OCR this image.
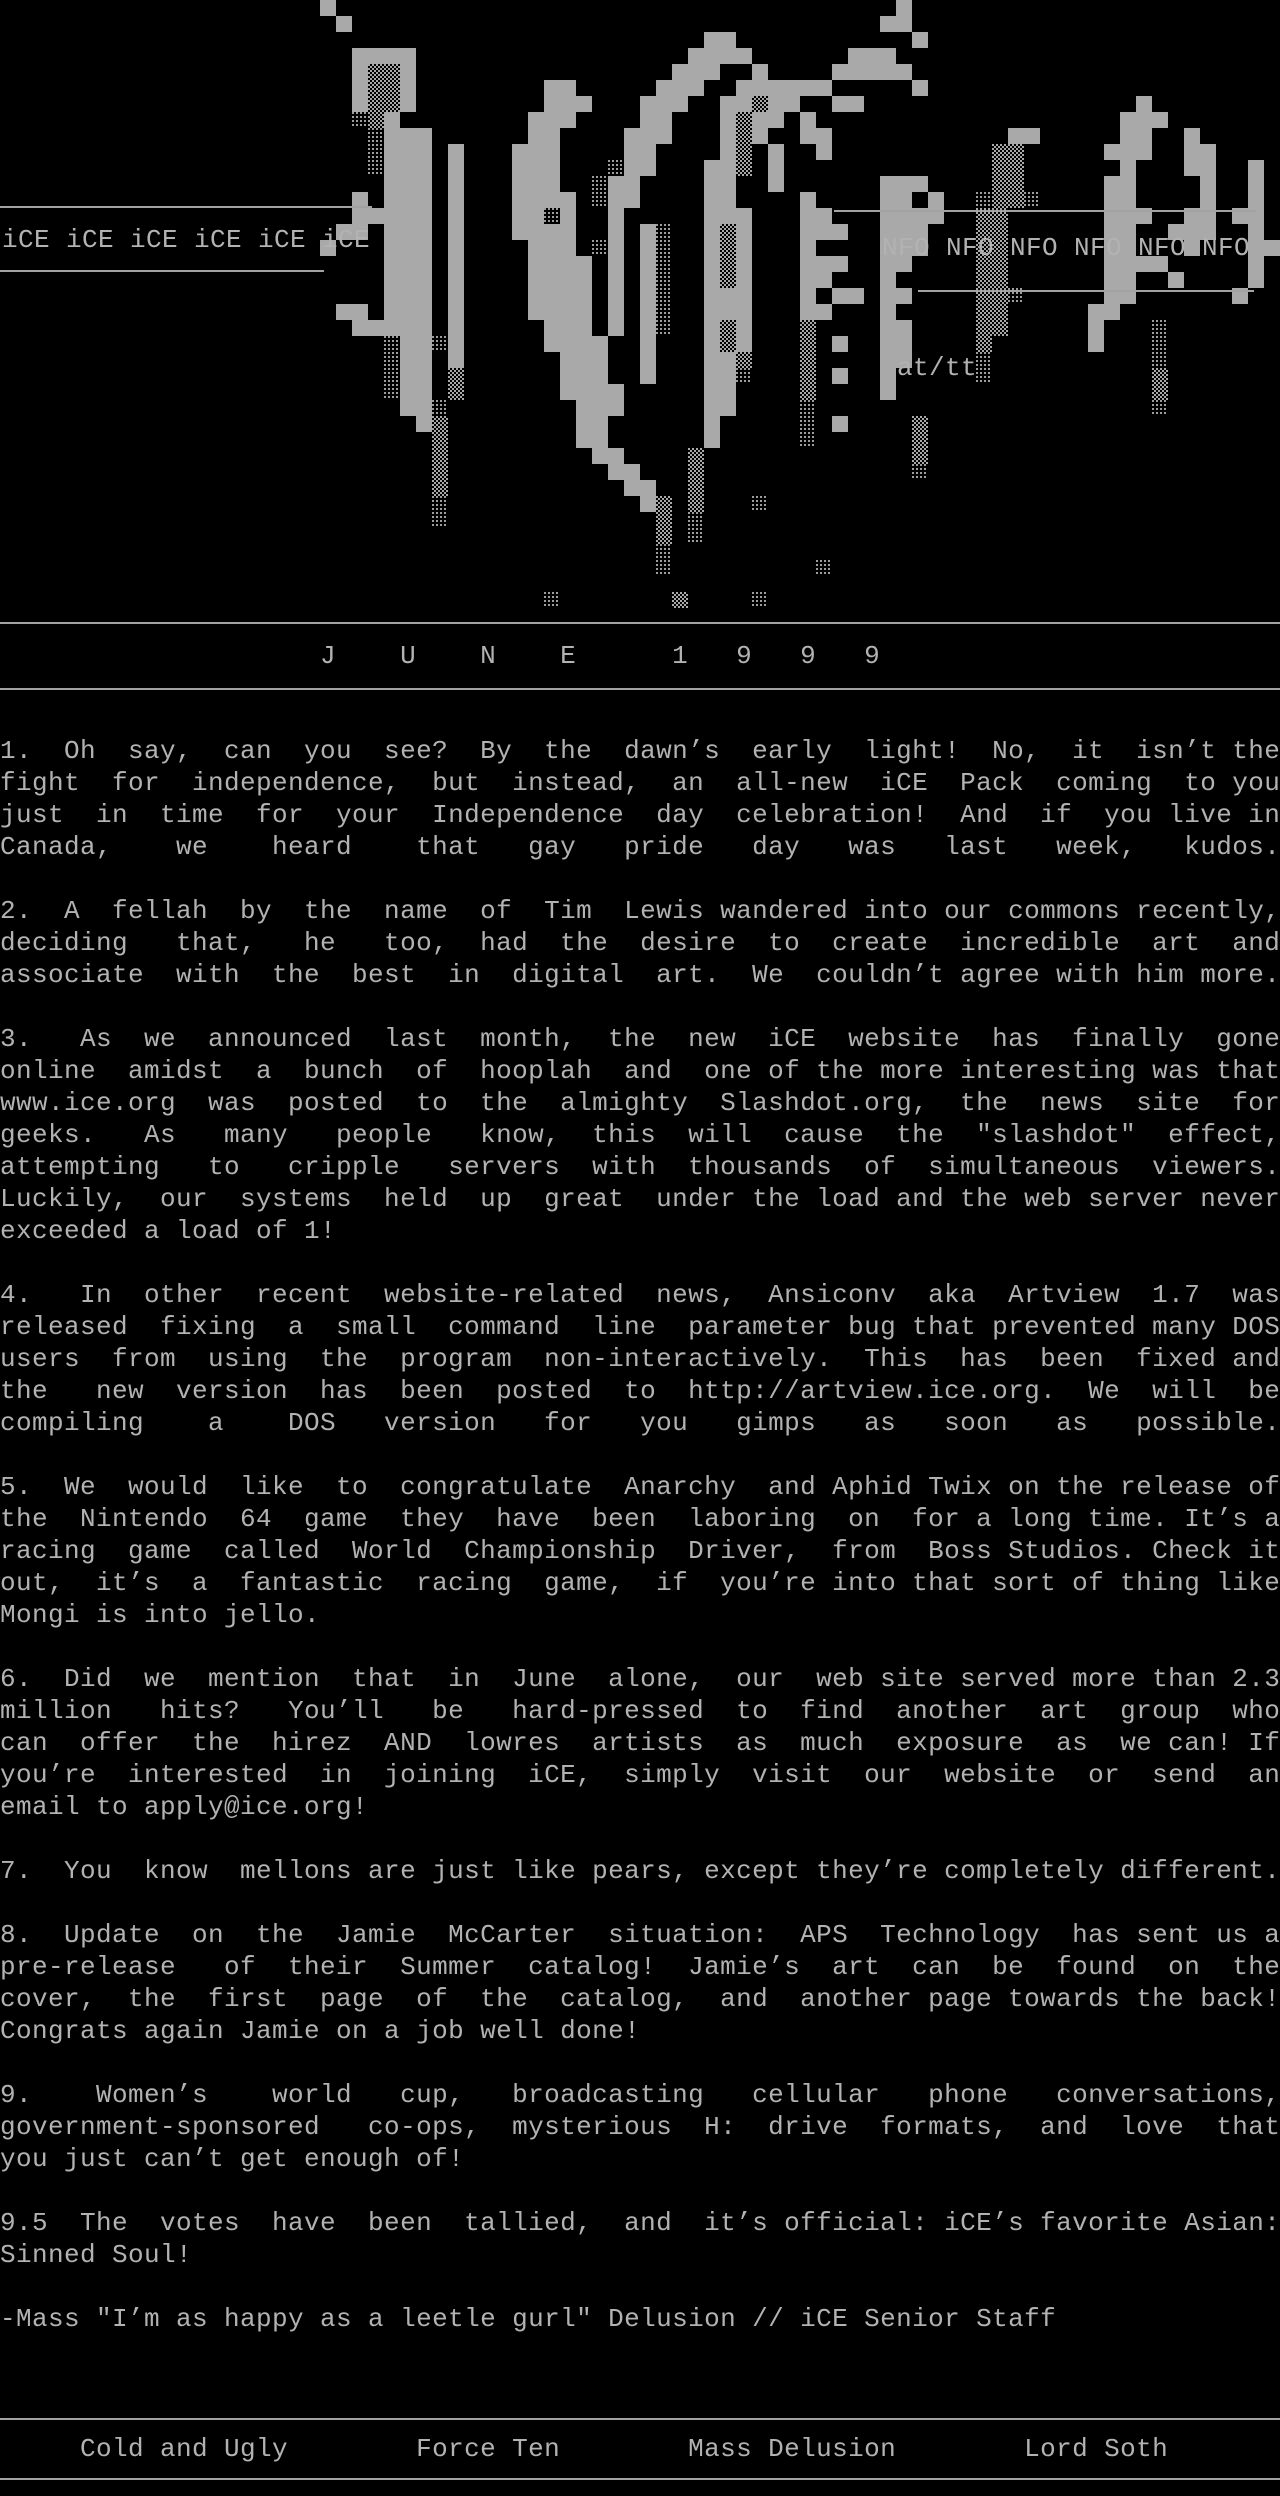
iCE iCE iCE iCE iCE iCE	NFO NFO NFO NFO NFO NFO
at/tt
J    U    N    E      1   9   9   9
1.  Oh  say,  can  you  see?  By  the  dawn’s  early  light!  No,  it  isn’t the
fight  for  independence,  but  instead,  an  all-new  iCE  Pack  coming  to you
just  in  time  for  your  Independence  day  celebration!  And  if  you live in
Canada,    we    heard    that   gay   pride   day   was   last   week,   kudos.

2.  A  fellah  by  the  name  of  Tim  Lewis wandered into our commons recently,
deciding   that,   he   too,  had  the  desire  to  create  incredible  art  and
associate  with  the  best  in  digital  art.  We  couldn’t agree with him more.

3.   As  we  announced  last  month,  the  new  iCE  website  has  finally  gone
online  amidst  a  bunch  of  hooplah  and  one of the more interesting was that
www.ice.org  was  posted  to  the  almighty  Slashdot.org,  the  news  site  for
geeks.   As   many   people   know,  this  will  cause  the  "slashdot"  effect,
attempting   to   cripple   servers  with  thousands  of  simultaneous  viewers.
Luckily,  our  systems  held  up  great  under the load and the web server never
exceeded a load of 1!

4.   In  other  recent  website-related  news,  Ansiconv  aka  Artview  1.7  was
released  fixing  a  small  command  line  parameter bug that prevented many DOS
users  from  using  the  program  non-interactively.  This  has  been  fixed and
the   new  version  has  been  posted  to  http://artview.ice.org.  We  will  be
compiling    a    DOS   version   for   you   gimps   as   soon   as   possible.

5.  We  would  like  to  congratulate  Anarchy  and Aphid Twix on the release of
the  Nintendo  64  game  they  have  been  laboring  on  for a long time. It’s a
racing  game  called  World  Championship  Driver,  from  Boss Studios. Check it
out,  it’s  a  fantastic  racing  game,  if  you’re into that sort of thing like
Mongi is into jello.

6.  Did  we  mention  that  in  June  alone,  our  web site served more than 2.3
million   hits?   You’ll   be   hard-pressed  to  find  another  art  group  who
can  offer  the  hirez  AND  lowres  artists  as  much  exposure  as  we can! If
you’re  interested  in  joining  iCE,  simply  visit  our  website  or  send  an
email to apply@ice.org!

7.  You  know  mellons are just like pears, except they’re completely different.

8.  Update  on  the  Jamie  McCarter  situation:  APS  Technology  has sent us a
pre-release   of  their  Summer  catalog!  Jamie’s  art  can  be  found  on  the
cover,  the  first  page  of  the  catalog,  and  another page towards the back!
Congrats again Jamie on a job well done!

9.    Women’s    world   cup,   broadcasting   cellular   phone   conversations,
government-sponsored   co-ops,  mysterious  H:  drive  formats,  and  love  that
you just can’t get enough of!

9.5  The  votes  have  been  tallied,  and  it’s official: iCE’s favorite Asian:
Sinned Soul!

-Mass "I’m as happy as a leetle gurl" Delusion // iCE Senior Staff
Cold and Ugly        Force Ten        Mass Delusion        Lord Soth
